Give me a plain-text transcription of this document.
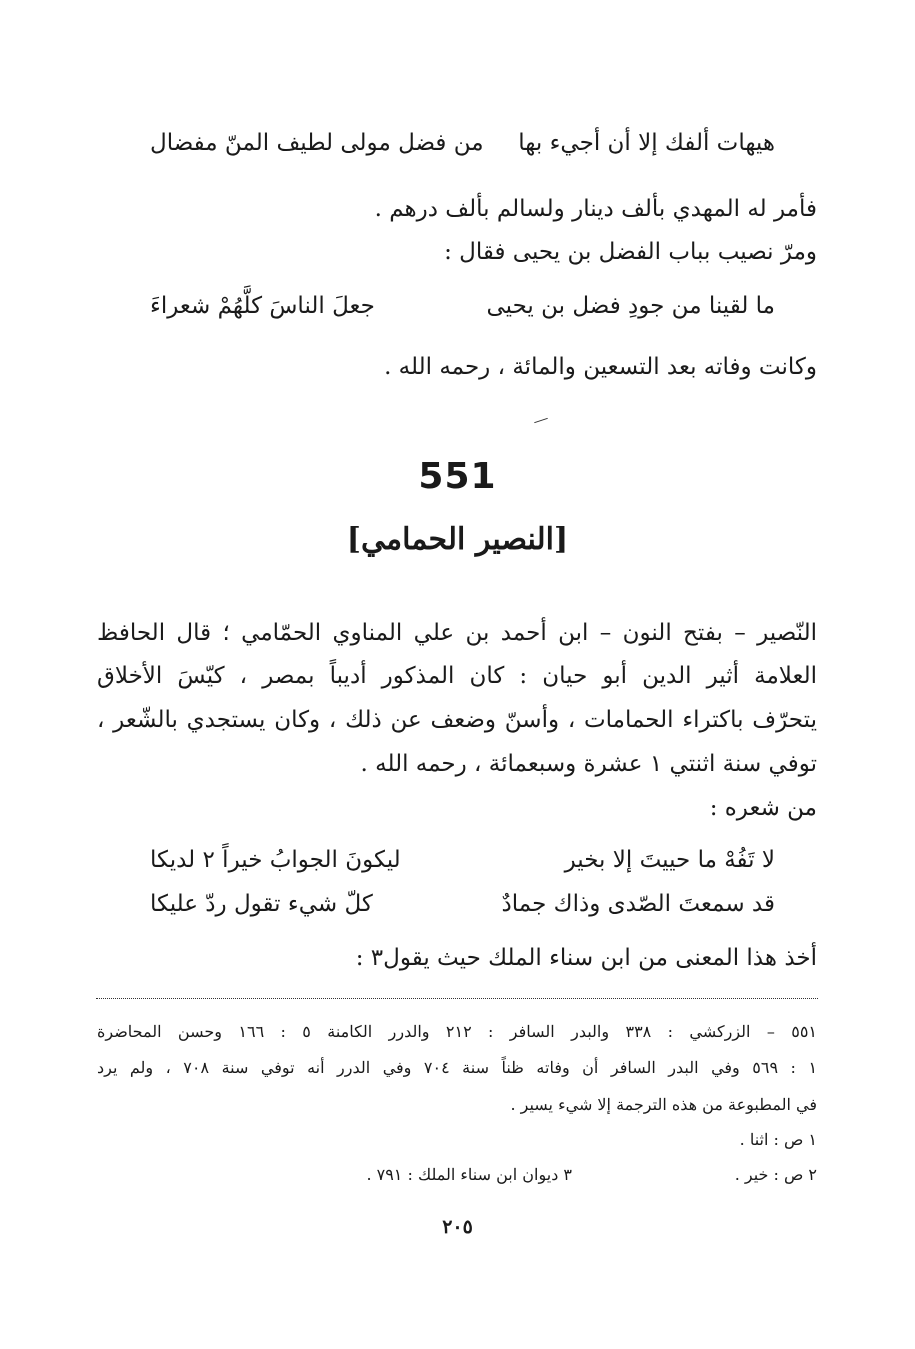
هيهات ألفك إلا أن أجيء بها
من فضل مولى لطيف المنّ مفضال
فأمر له المهدي بألف دينار ولسالم بألف درهم .
ومرّ نصيب بباب الفضل بن يحيى فقال :
ما لقينا من جودِ فضل بن يحيى
جعلَ الناسَ كلَّهُمْ شعراءَ
وكانت وفاته بعد التسعين والمائة ، رحمه الله .
551
[النصير الحمامي]
النّصير – بفتح النون – ابن أحمد بن علي المناوي الحمّامي ؛ قال الحافظ
العلامة أثير الدين أبو حيان : كان المذكور أديباً بمصر ، كيّسَ الأخلاق
يتحرّف باكتراء الحمامات ، وأسنّ وضعف عن ذلك ، وكان يستجدي بالشّعر ،
توفي سنة اثنتي ١ عشرة وسبعمائة ، رحمه الله .
من شعره :
لا تَفُهْ ما حييتَ إلا بخير
ليكونَ الجوابُ خيراً ٢ لديكا
قد سمعتَ الصّدى وذاك جمادٌ
كلّ شيء تقول ردّ عليكا
أخذ هذا المعنى من ابن سناء الملك حيث يقول٣ :
٥٥١ – الزركشي : ٣٣٨ والبدر السافر : ٢١٢ والدرر الكامنة ٥ : ١٦٦ وحسن المحاضرة
١ : ٥٦٩ وفي البدر السافر أن وفاته ظناً سنة ٧٠٤ وفي الدرر أنه توفي سنة ٧٠٨ ، ولم يرد
في المطبوعة من هذه الترجمة إلا شيء يسير .
١ ص : اثنا .
٢ ص : خير .
٣ ديوان ابن سناء الملك : ٧٩١ .
٢٠٥
